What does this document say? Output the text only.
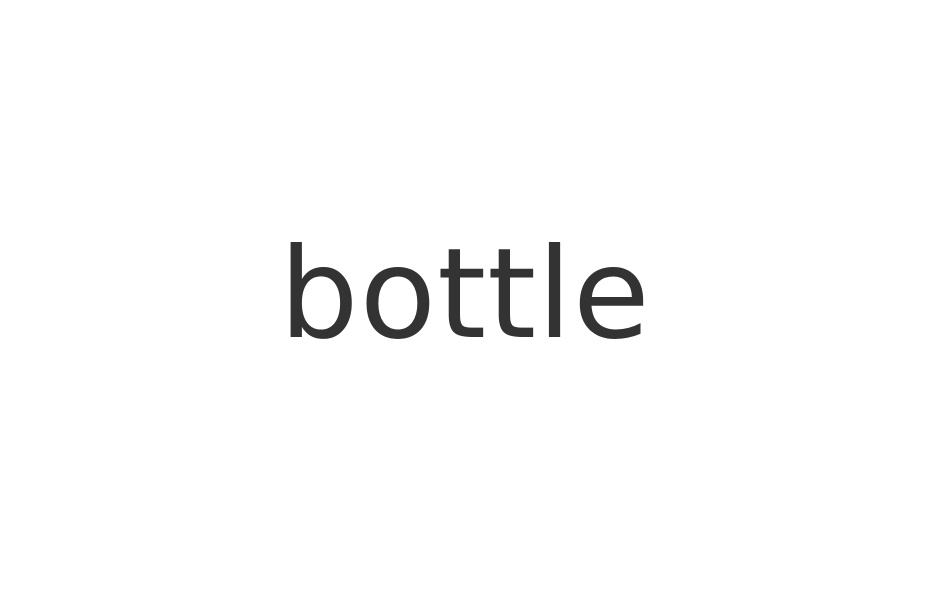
bottle
